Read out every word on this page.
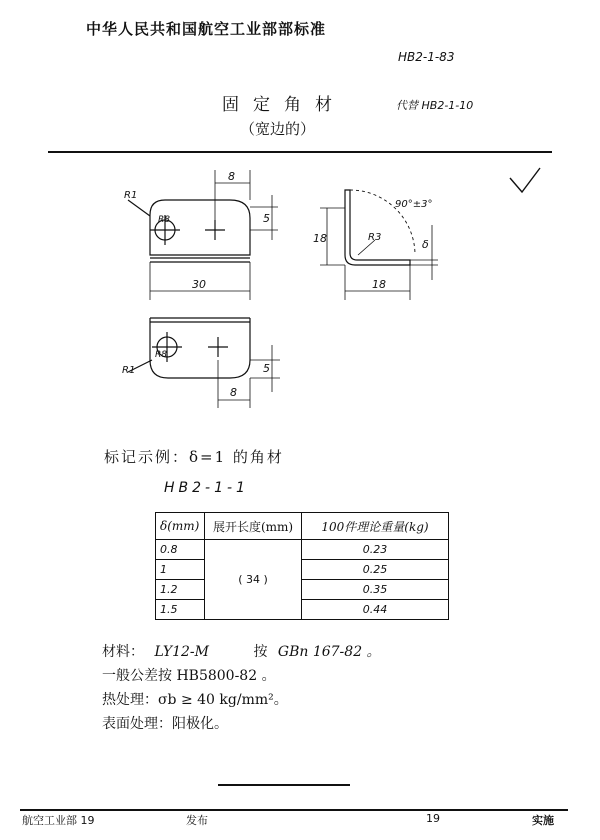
中华人民共和国航空工业部部标准
HB2-1-83
固定角材
（宽边的）
代替 HB2-1-10
8
5
30
R1
R8
90°±3°
18
18
R3
δ
R1
R8
5
8
标记示例：δ=1 的角材
HB2-1-1
δ(mm)	展开长度(mm)	100件理论重量(kg)
0.8	( 34 )	0.23
1		0.25
1.2		0.35
1.5		0.44
材料： LY12-M	按 GBn 167-82 。
一般公差按 HB5800-82 。
热处理：σb ≥ 40 kg/mm²。
表面处理：阳极化。
航空工业部 19	发布	19	实施
